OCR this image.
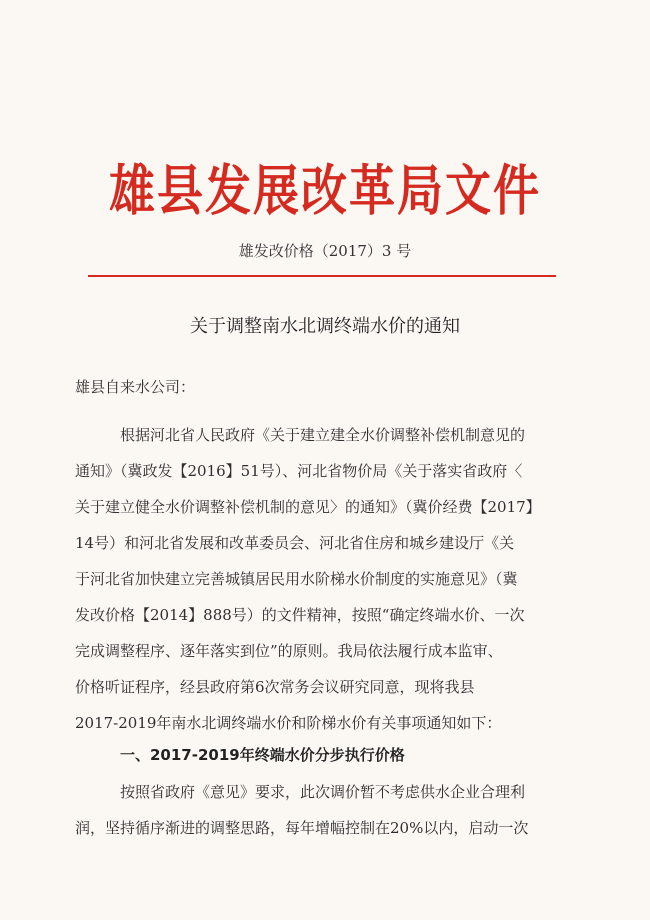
雄县发展改革局文件
雄发改价格（2017）3 号
关于调整南水北调终端水价的通知
雄县自来水公司：
根据河北省人民政府《关于建立建全水价调整补偿机制意见的
通知》（冀政发【2016】51号）、河北省物价局《关于落实省政府〈
关于建立健全水价调整补偿机制的意见〉的通知》（冀价经费【2017】
14号）和河北省发展和改革委员会、河北省住房和城乡建设厅《关
于河北省加快建立完善城镇居民用水阶梯水价制度的实施意见》（冀
发改价格【2014】888号）的文件精神，按照“确定终端水价、一次
完成调整程序、逐年落实到位”的原则。我局依法履行成本监审、
价格听证程序，经县政府第6次常务会议研究同意，现将我县
2017-2019年南水北调终端水价和阶梯水价有关事项通知如下：
一、2017-2019年终端水价分步执行价格
按照省政府《意见》要求，此次调价暂不考虑供水企业合理利
润，坚持循序渐进的调整思路，每年增幅控制在20%以内，启动一次
